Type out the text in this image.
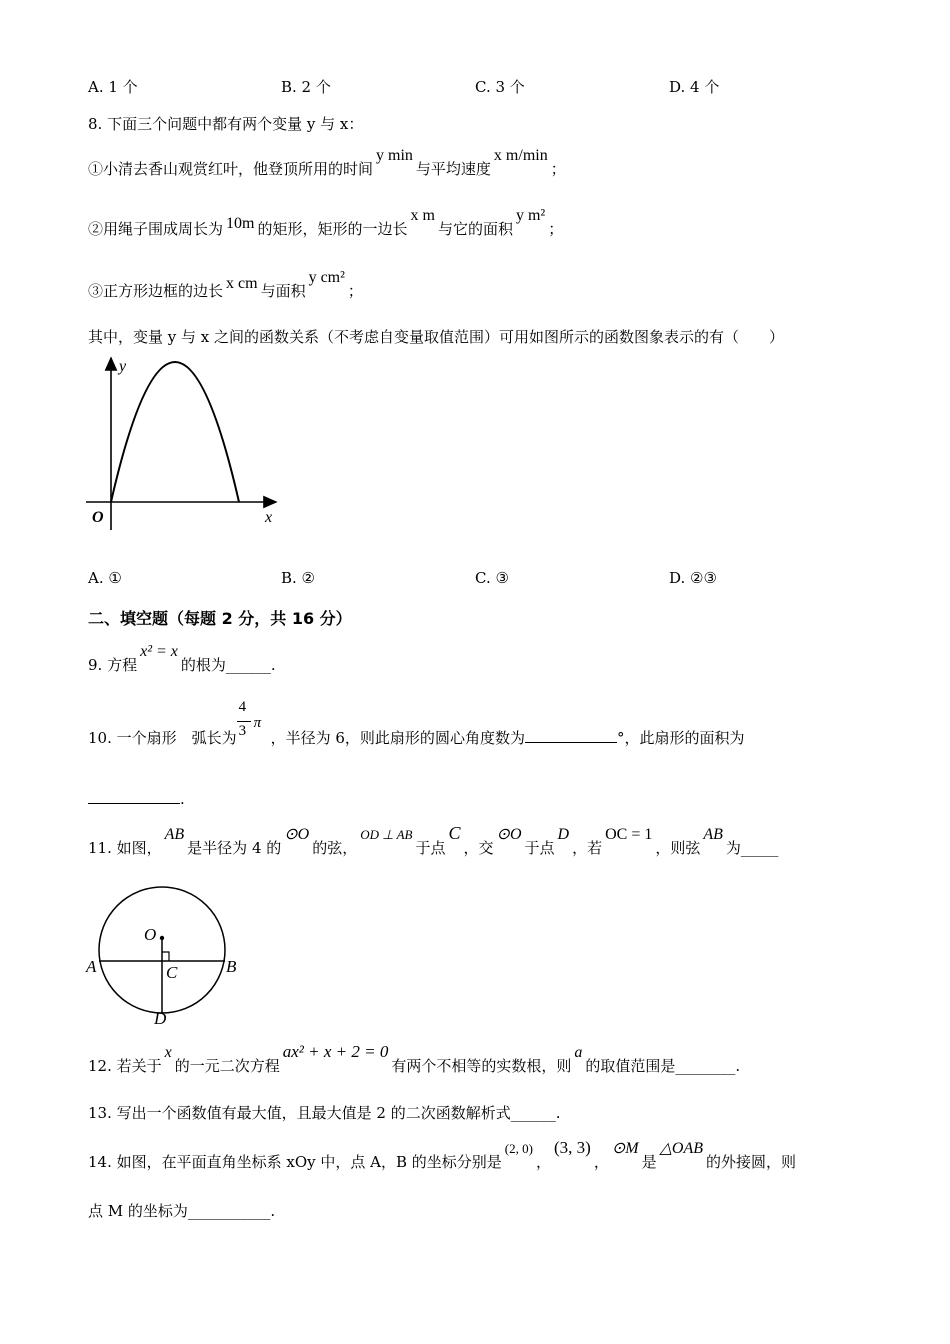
A. 1 个	B. 2 个	C. 3 个	D. 4 个
8. 下面三个问题中都有两个变量 y 与 x：
①小清去香山观赏红叶，他登顶所用的时间y min与平均速度x m/min；
②用绳子围成周长为 10m 的矩形，矩形的一边长x m与它的面积y m²；
③正方形边框的边长 x cm 与面积y cm²；
其中，变量 y 与 x 之间的函数关系（不考虑自变量取值范围）可用如图所示的函数图象表示的有（　　）
y
x
O
A. ①	B. ②	C. ③	D. ②③
二、填空题（每题 2 分，共 16 分）
9. 方程x² = x的根为______.
10. 一个扇形　弧长为
4
3 π
，半径为 6，则此扇形的圆心角度数为	°，此扇形的面积为
.
11. 如图，AB是半径为 4 的⊙O的弦，OD ⊥ AB于点C，交⊙O于点D，若OC = 1，则弦AB为_____
O
A	B
C
D
12. 若关于x的一元二次方程ax² + x + 2 = 0有两个不相等的实数根，则a的取值范围是________.
13. 写出一个函数值有最大值，且最大值是 2 的二次函数解析式______.
14. 如图，在平面直角坐标系 xOy 中，点 A，B 的坐标分别是(2, 0)，(3, 3)，⊙M是△OAB的外接圆，则
点 M 的坐标为___________.
